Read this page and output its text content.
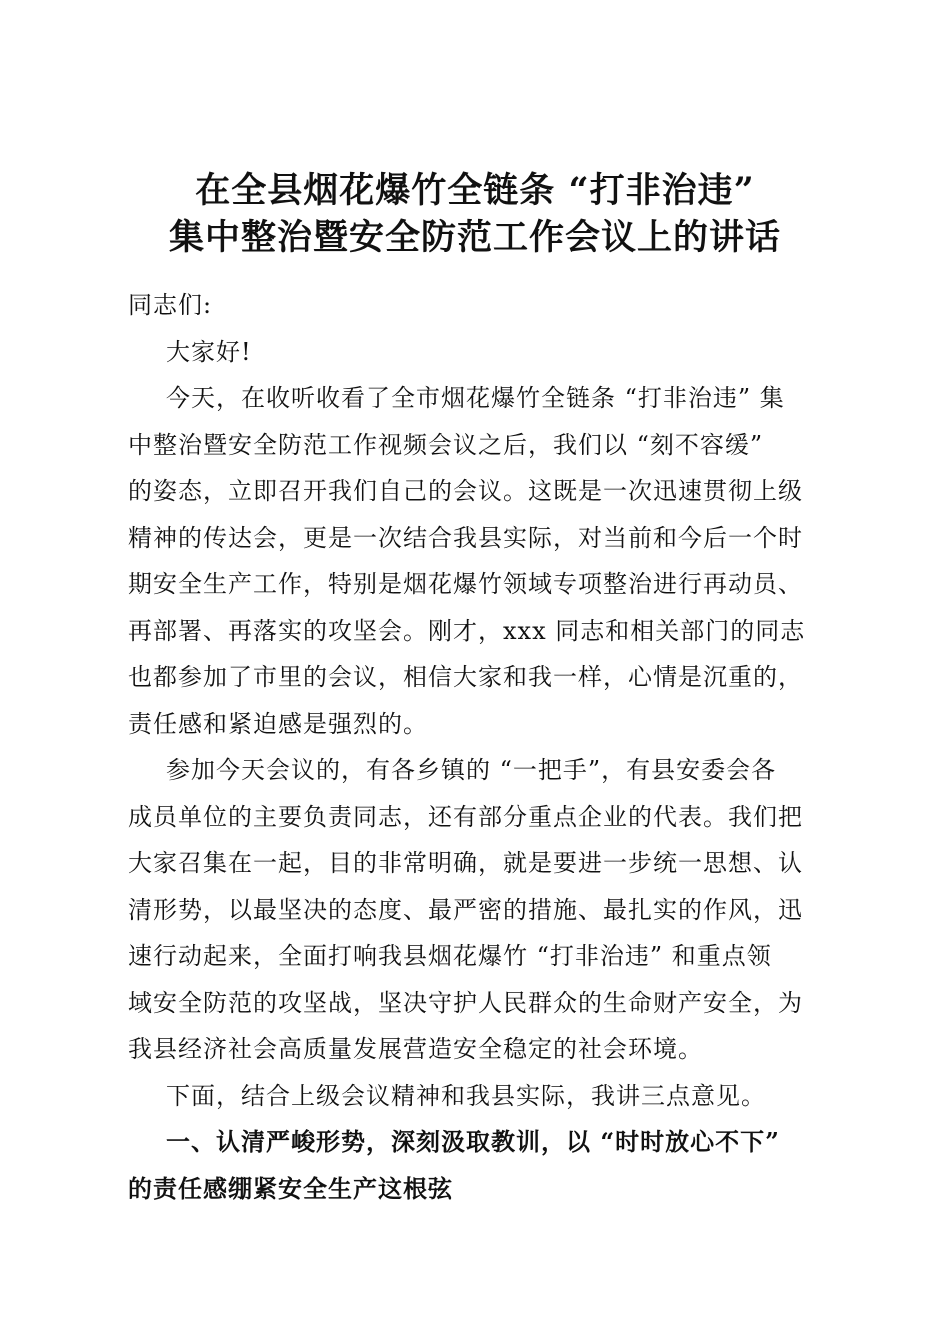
在全县烟花爆竹全链条 “打非治违”
集中整治暨安全防范工作会议上的讲话
同志们:
大家好!
今天，在收听收看了全市烟花爆竹全链条 “打非治违” 集
中整治暨安全防范工作视频会议之后，我们以 “刻不容缓”
的姿态，立即召开我们自己的会议。这既是一次迅速贯彻上级
精神的传达会，更是一次结合我县实际，对当前和今后一个时
期安全生产工作，特别是烟花爆竹领域专项整治进行再动员、
再部署、再落实的攻坚会。刚才，xxx 同志和相关部门的同志
也都参加了市里的会议，相信大家和我一样，心情是沉重的，
责任感和紧迫感是强烈的。
参加今天会议的，有各乡镇的 “一把手”，有县安委会各
成员单位的主要负责同志，还有部分重点企业的代表。我们把
大家召集在一起，目的非常明确，就是要进一步统一思想、认
清形势，以最坚决的态度、最严密的措施、最扎实的作风，迅
速行动起来，全面打响我县烟花爆竹 “打非治违” 和重点领
域安全防范的攻坚战，坚决守护人民群众的生命财产安全，为
我县经济社会高质量发展营造安全稳定的社会环境。
下面，结合上级会议精神和我县实际，我讲三点意见。
一、认清严峻形势，深刻汲取教训，以 “时时放心不下”
的责任感绷紧安全生产这根弦
